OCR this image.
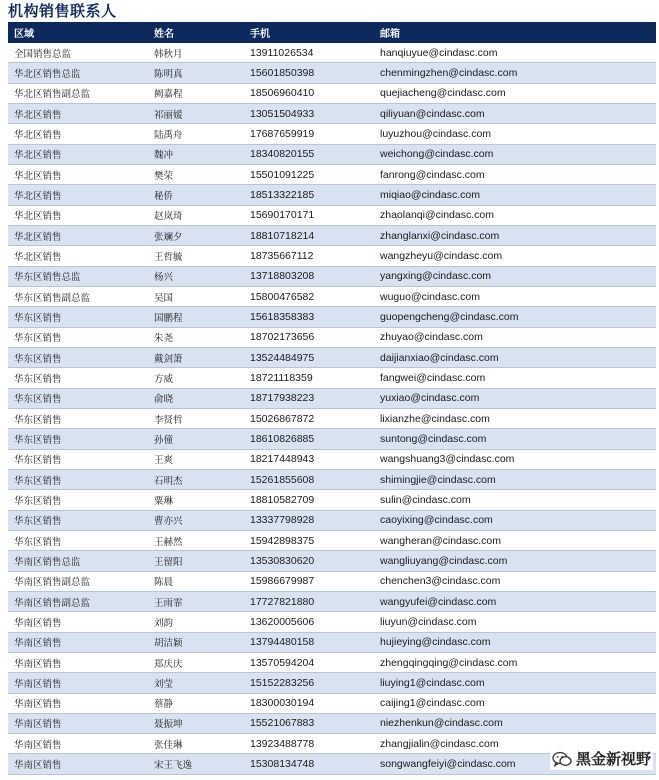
机构销售联系人
区域	姓名	手机	邮箱
全国销售总监	韩秋月	13911026534	hanqiuyue@cindasc.com
华北区销售总监	陈明真	15601850398	chenmingzhen@cindasc.com
华北区销售副总监	阙嘉程	18506960410	quejiacheng@cindasc.com
华北区销售	祁丽媛	13051504933	qiliyuan@cindasc.com
华北区销售	陆禹舟	17687659919	luyuzhou@cindasc.com
华北区销售	魏冲	18340820155	weichong@cindasc.com
华北区销售	樊荣	15501091225	fanrong@cindasc.com
华北区销售	秘侨	18513322185	miqiao@cindasc.com
华北区销售	赵岚琦	15690170171	zhaolanqi@cindasc.com
华北区销售	张斓夕	18810718214	zhanglanxi@cindasc.com
华北区销售	王哲毓	18735667112	wangzheyu@cindasc.com
华东区销售总监	杨兴	13718803208	yangxing@cindasc.com
华东区销售副总监	吴国	15800476582	wuguo@cindasc.com
华东区销售	国鹏程	15618358383	guopengcheng@cindasc.com
华东区销售	朱尧	18702173656	zhuyao@cindasc.com
华东区销售	戴剑箫	13524484975	daijianxiao@cindasc.com
华东区销售	方威	18721118359	fangwei@cindasc.com
华东区销售	俞晓	18717938223	yuxiao@cindasc.com
华东区销售	李贤哲	15026867872	lixianzhe@cindasc.com
华东区销售	孙僮	18610826885	suntong@cindasc.com
华东区销售	王爽	18217448943	wangshuang3@cindasc.com
华东区销售	石明杰	15261855608	shimingjie@cindasc.com
华东区销售	粟琳	18810582709	sulin@cindasc.com
华东区销售	曹亦兴	13337798928	caoyixing@cindasc.com
华东区销售	王赫然	15942898375	wangheran@cindasc.com
华南区销售总监	王留阳	13530830620	wangliuyang@cindasc.com
华南区销售副总监	陈晨	15986679987	chenchen3@cindasc.com
华南区销售副总监	王雨霏	17727821880	wangyufei@cindasc.com
华南区销售	刘韵	13620005606	liuyun@cindasc.com
华南区销售	胡洁颖	13794480158	hujieying@cindasc.com
华南区销售	郑庆庆	13570594204	zhengqingqing@cindasc.com
华南区销售	刘莹	15152283256	liuying1@cindasc.com
华南区销售	蔡静	18300030194	caijing1@cindasc.com
华南区销售	聂振坤	15521067883	niezhenkun@cindasc.com
华南区销售	张佳琳	13923488778	zhangjialin@cindasc.com
华南区销售	宋王飞逸	15308134748	songwangfeiyi@cindasc.com	黑金新视野
